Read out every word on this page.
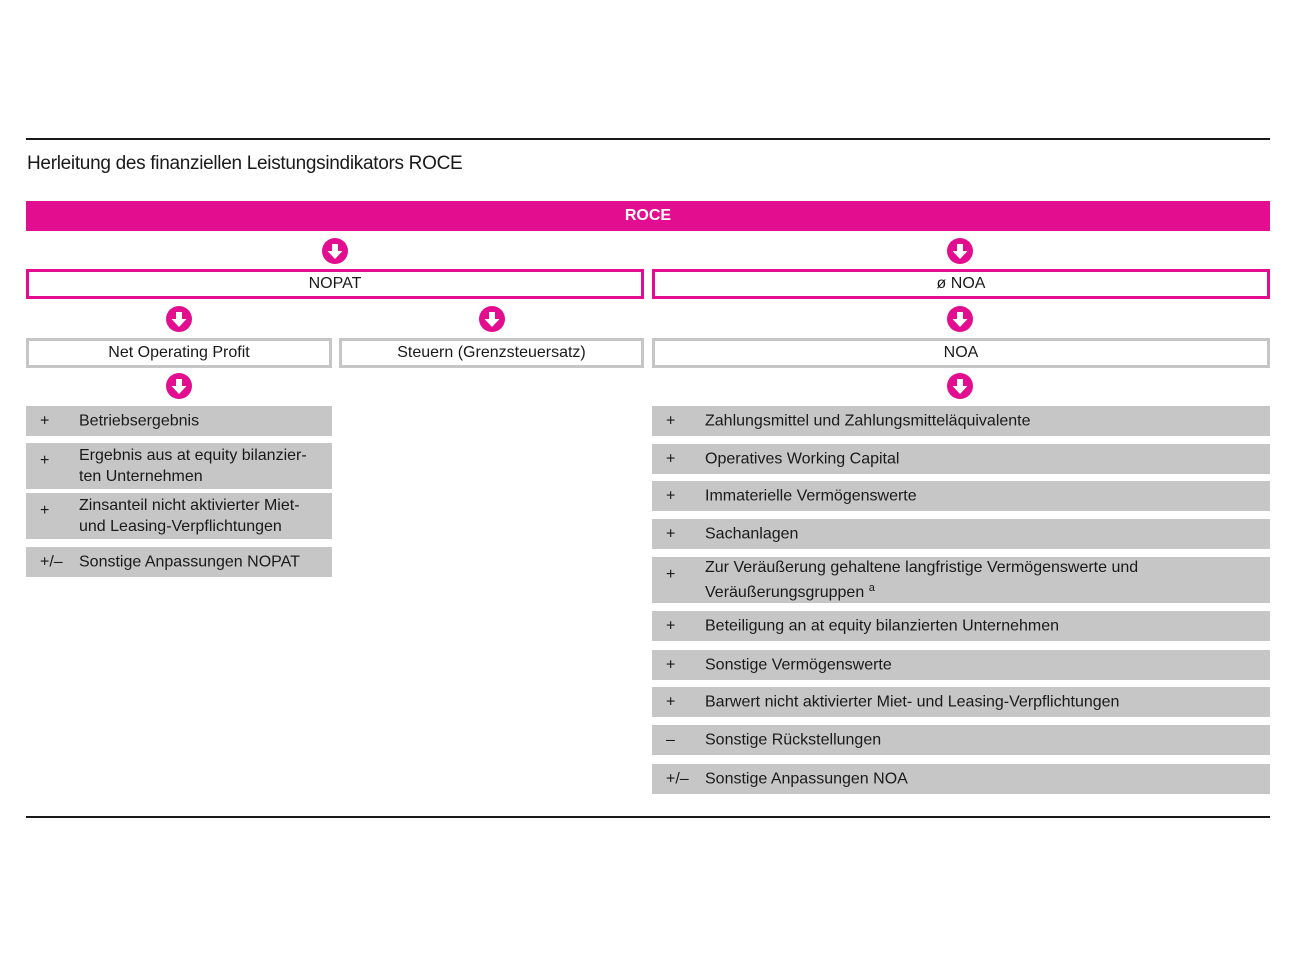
Herleitung des finanziellen Leistungsindikators ROCE
ROCE
NOPAT	ø NOA
Net Operating Profit	Steuern (Grenzsteuersatz)	NOA
+	Betriebsergebnis
+	Ergebnis aus at equity bilanzier-ten Unternehmen
+	Zinsanteil nicht aktivierter Miet- und Leasing-Verpflichtungen
+/–	Sonstige Anpassungen NOPAT
+	Zahlungsmittel und Zahlungsmitteläquivalente
+	Operatives Working Capital
+	Immaterielle Vermögenswerte
+	Sachanlagen
+	Zur Veräußerung gehaltene langfristige Vermögenswerte und Veräußerungsgruppen $^a$
+	Beteiligung an at equity bilanzierten Unternehmen
+	Sonstige Vermögenswerte
+	Barwert nicht aktivierter Miet- und Leasing-Verpflichtungen
–	Sonstige Rückstellungen
+/–	Sonstige Anpassungen NOA
